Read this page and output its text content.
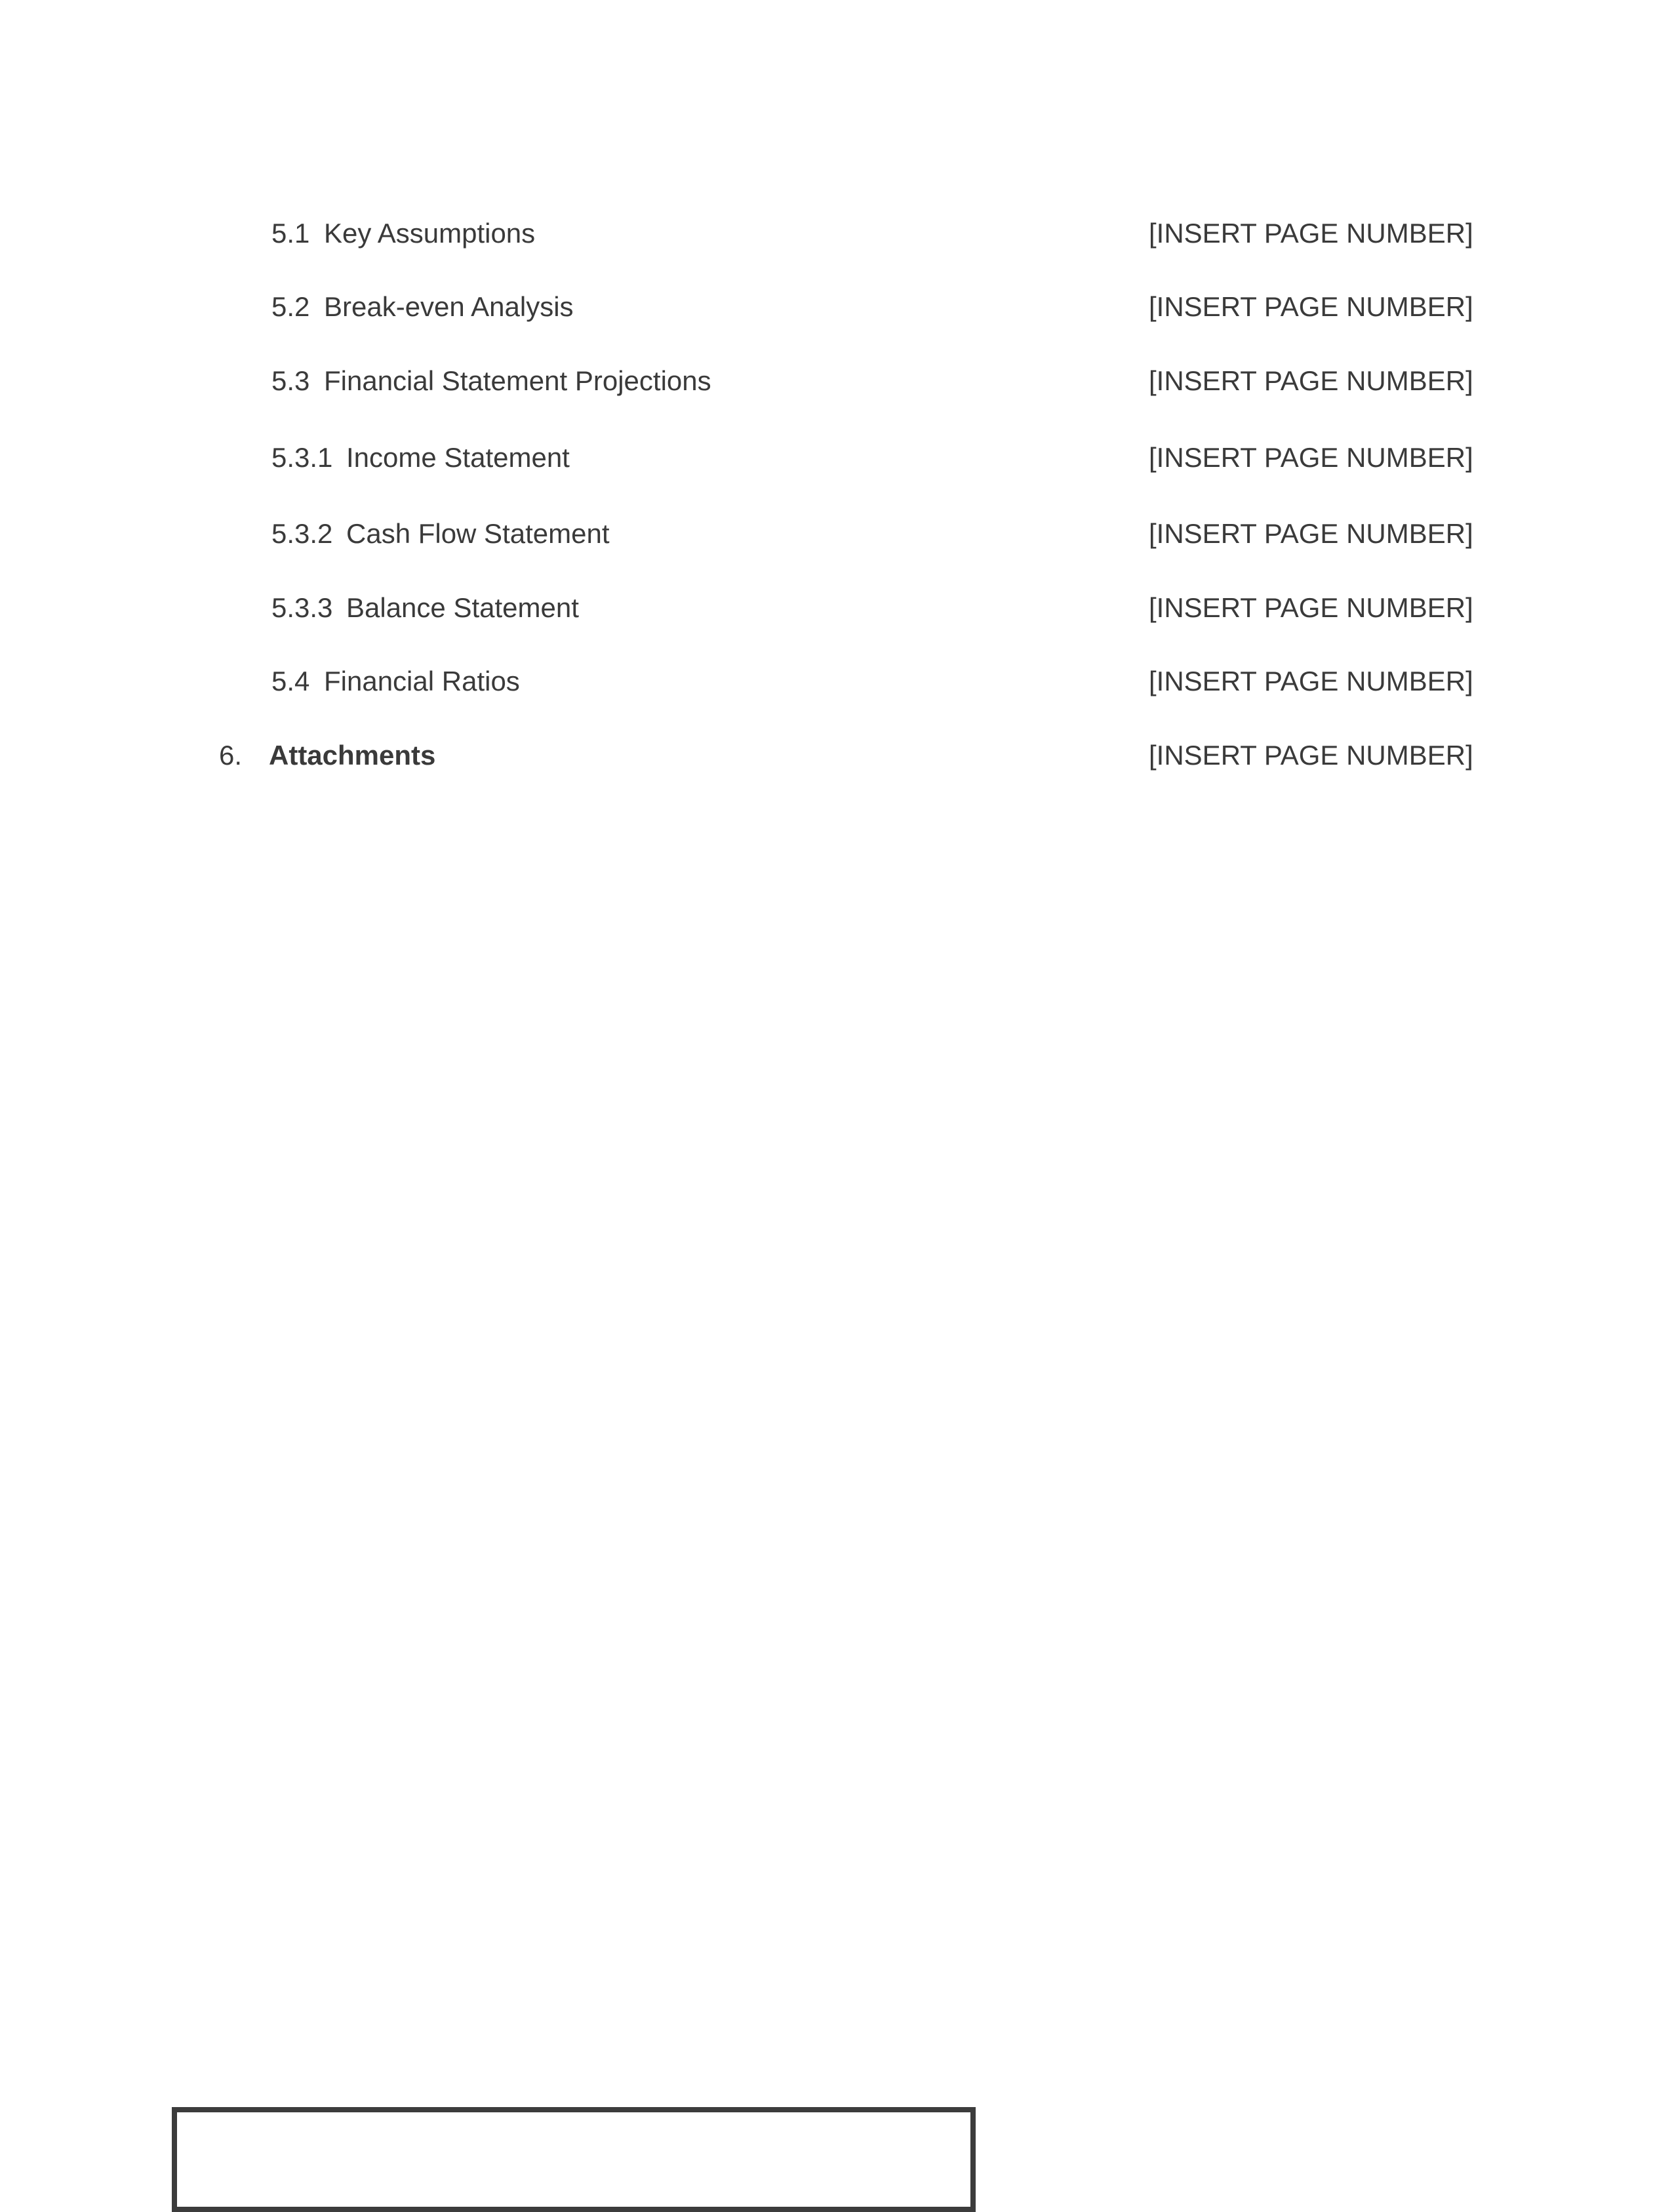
5.1 Key Assumptions	[INSERT PAGE NUMBER]
5.2 Break-even Analysis	[INSERT PAGE NUMBER]
5.3 Financial Statement Projections	[INSERT PAGE NUMBER]
5.3.1 Income Statement	[INSERT PAGE NUMBER]
5.3.2 Cash Flow Statement	[INSERT PAGE NUMBER]
5.3.3 Balance Statement	[INSERT PAGE NUMBER]
5.4 Financial Ratios	[INSERT PAGE NUMBER]
6. Attachments	[INSERT PAGE NUMBER]
